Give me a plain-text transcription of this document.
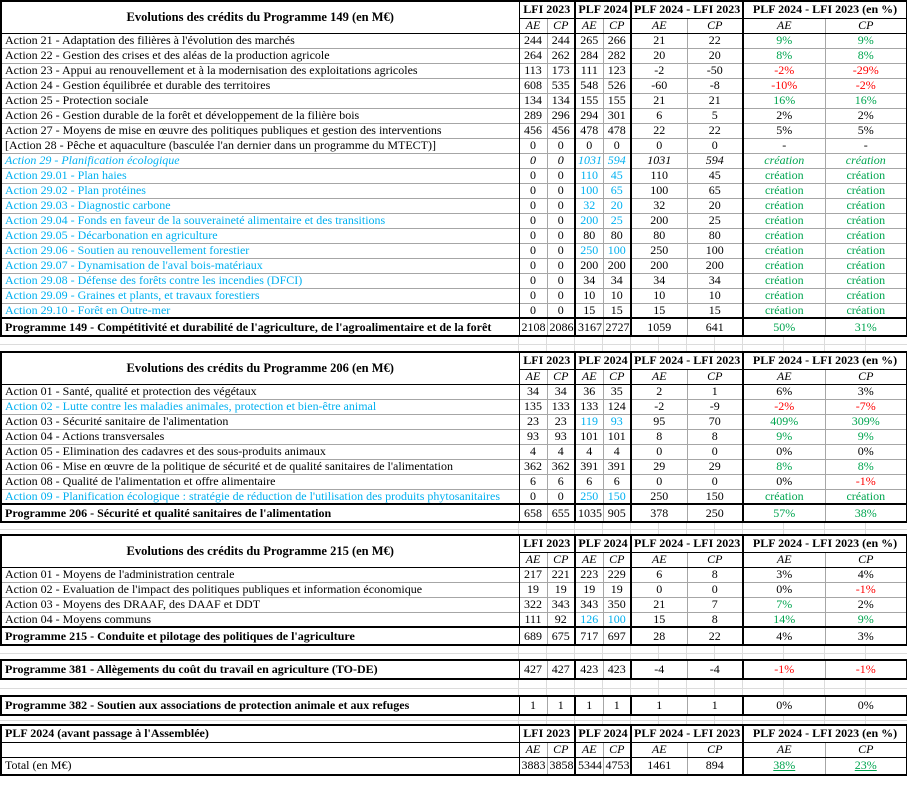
Evolutions des crédits du Programme 149 (en M€)	LFI 2023		PLF 2024		PLF 2024 - LFI 2023		PLF 2024 - LFI 2023 (en %)	
	AE	CP	AE	CP	AE	CP	AE	CP
Action 21 - Adaptation des filières à l'évolution des marchés	244	244	265	266	21	22	9%	9%
Action 22 - Gestion des crises et des aléas de la production agricole	264	262	284	282	20	20	8%	8%
Action 23 - Appui au renouvellement et à la modernisation des exploitations agricoles	113	173	111	123	-2	-50	-2%	-29%
Action 24 - Gestion équilibrée et durable des territoires	608	535	548	526	-60	-8	-10%	-2%
Action 25 - Protection sociale	134	134	155	155	21	21	16%	16%
Action 26 - Gestion durable de la forêt et développement de la filière bois	289	296	294	301	6	5	2%	2%
Action 27 - Moyens de mise en œuvre des politiques publiques et gestion des interventions	456	456	478	478	22	22	5%	5%
[Action 28 - Pêche et aquaculture (basculée l'an dernier dans un programme du MTECT)]	0	0	0	0	0	0	-	-
Action 29 - Planification écologique	0	0	1031	594	1031	594	création	création
Action 29.01 - Plan haies	0	0	110	45	110	45	création	création
Action 29.02 - Plan protéines	0	0	100	65	100	65	création	création
Action 29.03 - Diagnostic carbone	0	0	32	20	32	20	création	création
Action 29.04 - Fonds en faveur de la souveraineté alimentaire et des transitions	0	0	200	25	200	25	création	création
Action 29.05 - Décarbonation en agriculture	0	0	80	80	80	80	création	création
Action 29.06 - Soutien au renouvellement forestier	0	0	250	100	250	100	création	création
Action 29.07 - Dynamisation de l'aval bois-matériaux	0	0	200	200	200	200	création	création
Action 29.08 - Défense des forêts contre les incendies (DFCI)	0	0	34	34	34	34	création	création
Action 29.09 - Graines et plants, et travaux forestiers	0	0	10	10	10	10	création	création
Action 29.10 - Forêt en Outre-mer	0	0	15	15	15	15	création	création
Programme 149 - Compétitivité et durabilité de l'agriculture, de l'agroalimentaire et de la forêt	2108	2086	3167	2727	1059	641	50%	31%
Evolutions des crédits du Programme 206 (en M€)	LFI 2023		PLF 2024		PLF 2024 - LFI 2023		PLF 2024 - LFI 2023 (en %)	
	AE	CP	AE	CP	AE	CP	AE	CP
Action 01 - Santé, qualité et protection des végétaux	34	34	36	35	2	1	6%	3%
Action 02 - Lutte contre les maladies animales, protection et bien-être animal	135	133	133	124	-2	-9	-2%	-7%
Action 03 - Sécurité sanitaire de l'alimentation	23	23	119	93	95	70	409%	309%
Action 04 - Actions transversales	93	93	101	101	8	8	9%	9%
Action 05 - Elimination des cadavres et des sous-produits animaux	4	4	4	4	0	0	0%	0%
Action 06 - Mise en œuvre de la politique de sécurité et de qualité sanitaires de l'alimentation	362	362	391	391	29	29	8%	8%
Action 08 - Qualité de l'alimentation et offre alimentaire	6	6	6	6	0	0	0%	-1%
Action 09 - Planification écologique : stratégie de réduction de l'utilisation des produits phytosanitaires	0	0	250	150	250	150	création	création
Programme 206 - Sécurité et qualité sanitaires de l'alimentation	658	655	1035	905	378	250	57%	38%
Evolutions des crédits du Programme 215 (en M€)	LFI 2023		PLF 2024		PLF 2024 - LFI 2023		PLF 2024 - LFI 2023 (en %)	
	AE	CP	AE	CP	AE	CP	AE	CP
Action 01 - Moyens de l'administration centrale	217	221	223	229	6	8	3%	4%
Action 02 - Evaluation de l'impact des politiques publiques et information économique	19	19	19	19	0	0	0%	-1%
Action 03 - Moyens des DRAAF, des DAAF et DDT	322	343	343	350	21	7	7%	2%
Action 04 - Moyens communs	111	92	126	100	15	8	14%	9%
Programme 215 - Conduite et pilotage des politiques de l'agriculture	689	675	717	697	28	22	4%	3%
Programme 381 - Allègements du coût du travail en agriculture (TO-DE)	427	427	423	423	-4	-4	-1%	-1%
Programme 382 - Soutien aux associations de protection animale et aux refuges	1	1	1	1	1	1	0%	0%
PLF 2024 (avant passage à l'Assemblée)	LFI 2023		PLF 2024		PLF 2024 - LFI 2023		PLF 2024 - LFI 2023 (en %)	
	AE	CP	AE	CP	AE	CP	AE	CP
Total (en M€)	3883	3858	5344	4753	1461	894	38%	23%
